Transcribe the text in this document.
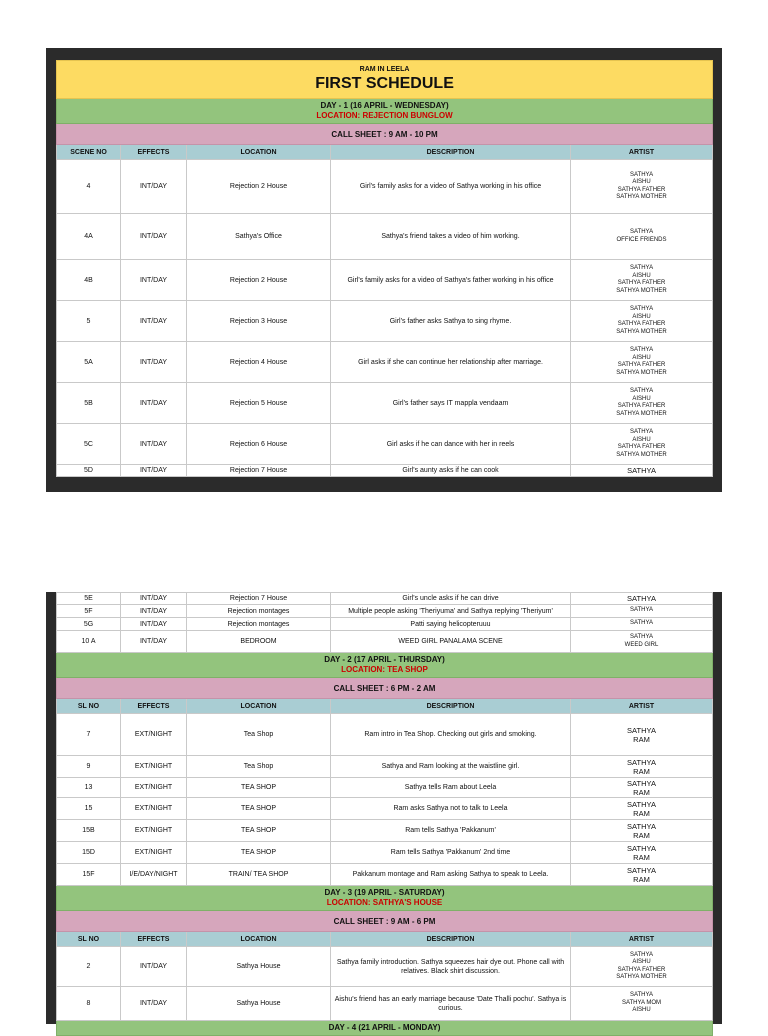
RAM IN LEELA
FIRST SCHEDULE				

DAY - 1 (16 APRIL - WEDNESDAY)
LOCATION: REJECTION BUNGLOW				

CALL SHEET : 9 AM - 10 PM				
SCENE NO	EFFECTS	LOCATION	DESCRIPTION	ARTIST
4	INT/DAY	Rejection 2 House	Girl's family asks for a video of Sathya working in his office	SATHYA
AISHU
SATHYA FATHER
SATHYA MOTHER

4A	INT/DAY	Sathya's Office	Sathya's friend takes a video of him working.	SATHYA
OFFICE FRIENDS

4B	INT/DAY	Rejection 2 House	Girl's family asks for a video of Sathya's father working in his office	SATHYA
AISHU
SATHYA FATHER
SATHYA MOTHER

5	INT/DAY	Rejection 3 House	Girl's father asks Sathya to sing rhyme.	SATHYA
AISHU
SATHYA FATHER
SATHYA MOTHER

5A	INT/DAY	Rejection 4 House	Girl asks if she can continue her relationship after marriage.	SATHYA
AISHU
SATHYA FATHER
SATHYA MOTHER

5B	INT/DAY	Rejection 5 House	Girl's father says IT mappla vendaam	SATHYA
AISHU
SATHYA FATHER
SATHYA MOTHER

5C	INT/DAY	Rejection 6 House	Girl asks if he can dance with her in reels	SATHYA
AISHU
SATHYA FATHER
SATHYA MOTHER

5D	INT/DAY	Rejection 7 House	Girl's aunty asks if he can cook	SATHYA
5E	INT/DAY	Rejection 7 House	Girl's uncle asks if he can drive	SATHYA

5F	INT/DAY	Rejection montages	Multiple people asking 'Theriyuma' and Sathya replying 'Theriyum'	SATHYA

5G	INT/DAY	Rejection montages	Patti saying helicopteruuu	SATHYA

10 A	INT/DAY	BEDROOM	WEED GIRL PANALAMA SCENE	SATHYA
WEED GIRL

DAY - 2 (17 APRIL - THURSDAY)
LOCATION: TEA SHOP				

CALL SHEET : 6 PM - 2 AM				
SL NO	EFFECTS	LOCATION	DESCRIPTION	ARTIST
7	EXT/NIGHT	Tea Shop	Ram intro in Tea Shop. Checking out girls and smoking.	SATHYA
RAM

9	EXT/NIGHT	Tea Shop	Sathya and Ram looking at the waistline girl.	SATHYA
RAM

13	EXT/NIGHT	TEA SHOP	Sathya tells Ram about Leela	SATHYA
RAM

15	EXT/NIGHT	TEA SHOP	Ram asks Sathya not to talk to Leela	SATHYA
RAM

15B	EXT/NIGHT	TEA SHOP	Ram tells Sathya 'Pakkanum'	SATHYA
RAM

15D	EXT/NIGHT	TEA SHOP	Ram tells Sathya 'Pakkanum' 2nd time	SATHYA
RAM

15F	I/E/DAY/NIGHT	TRAIN/ TEA SHOP	Pakkanum montage and Ram asking Sathya to speak to Leela.	SATHYA
RAM

DAY - 3 (19 APRIL - SATURDAY)
LOCATION: SATHYA'S HOUSE				

CALL SHEET : 9 AM - 6 PM				
SL NO	EFFECTS	LOCATION	DESCRIPTION	ARTIST
2	INT/DAY	Sathya House	Sathya family introduction. Sathya squeezes hair dye out. Phone call with relatives. Black shirt discussion.	SATHYA
AISHU
SATHYA FATHER
SATHYA MOTHER

8	INT/DAY	Sathya House	Aishu's friend has an early marriage because 'Date Thalli pochu'. Sathya is curious.	SATHYA
SATHYA MOM
AISHU

DAY - 4 (21 APRIL - MONDAY)				
